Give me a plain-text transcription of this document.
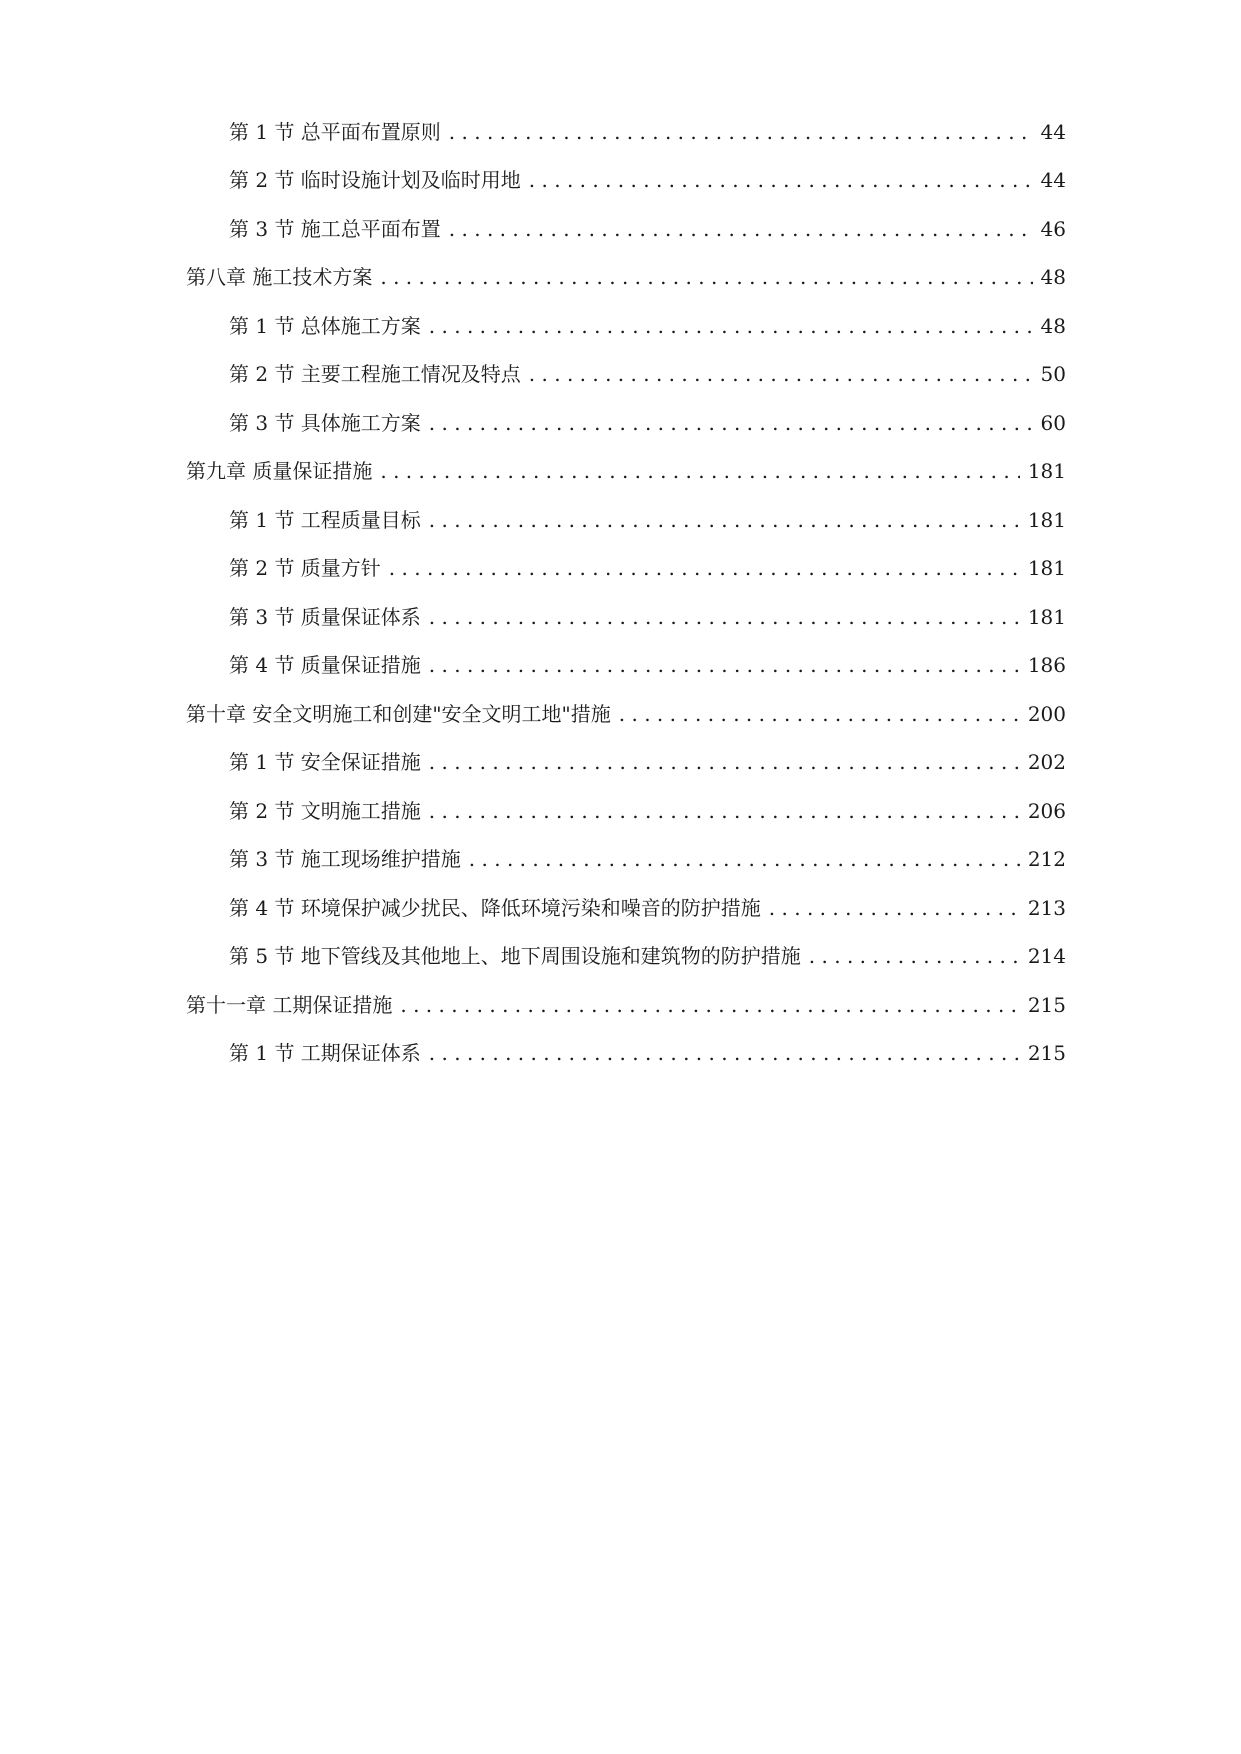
第 1 节 总平面布置原则 . . .	44
第 2 节 临时设施计划及临时用地 . . .	44
第 3 节 施工总平面布置 . . .	46
第八章 施工技术方案 . . .	48
第 1 节 总体施工方案 . . .	48
第 2 节 主要工程施工情况及特点 . . .	50
第 3 节 具体施工方案 . . .	60
第九章 质量保证措施 . . .	181
第 1 节 工程质量目标 . . .	181
第 2 节 质量方针 . . .	181
第 3 节 质量保证体系 . . .	181
第 4 节 质量保证措施 . . .	186
第十章 安全文明施工和创建"安全文明工地"措施 . . .	200
第 1 节 安全保证措施 . . .	202
第 2 节 文明施工措施 . . .	206
第 3 节 施工现场维护措施 . . .	212
第 4 节 环境保护减少扰民、降低环境污染和噪音的防护措施 . . .	213
第 5 节 地下管线及其他地上、地下周围设施和建筑物的防护措施 . . .	214
第十一章 工期保证措施 . . .	215
第 1 节 工期保证体系 . . .	215
